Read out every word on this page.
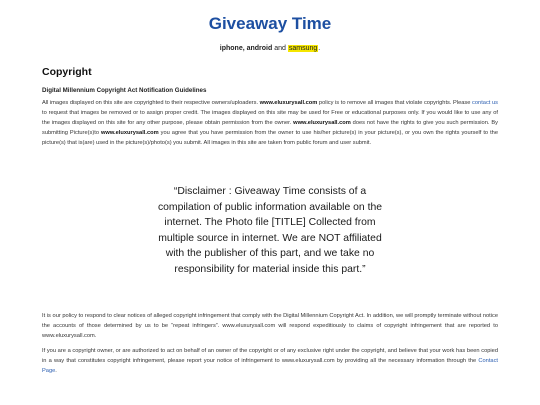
Giveaway Time
iphone, android and samsung.
Copyright
Digital Millennium Copyright Act Notification Guidelines
All images displayed on this site are copyrighted to their respective owners/uploaders. www.eluxurysall.com policy is to remove all images that violate copyrights. Please contact us to request that images be removed or to assign proper credit. The images displayed on this site may be used for Free or educational purposes only. If you would like to use any of the images displayed on this site for any other purpose, please obtain permission from the owner. www.eluxurysall.com does not have the rights to give you such permission. By submitting Picture(s)to www.eluxurysall.com you agree that you have permission from the owner to use his/her picture(s) in your picture(s), or you own the rights yourself to the picture(s) that is(are) used in the picture(s)/photo(s) you submit. All images in this site are taken from public forum and user submit.
“Disclaimer : Giveaway Time consists of a compilation of public information available on the internet. The Photo file [TITLE] Collected from multiple source in internet. We are NOT affiliated with the publisher of this part, and we take no responsibility for material inside this part.”
It is our policy to respond to clear notices of alleged copyright infringement that comply with the Digital Millennium Copyright Act. In addition, we will promptly terminate without notice the accounts of those determined by us to be “repeat infringers”. www.eluxurysall.com will respond expeditiously to claims of copyright infringement that are reported to www.eluxurysall.com.
If you are a copyright owner, or are authorized to act on behalf of an owner of the copyright or of any exclusive right under the copyright, and believe that your work has been copied in a way that constitutes copyright infringement, please report your notice of infringement to www.eluxurysall.com by providing all the necessary information through the Contact Page.
